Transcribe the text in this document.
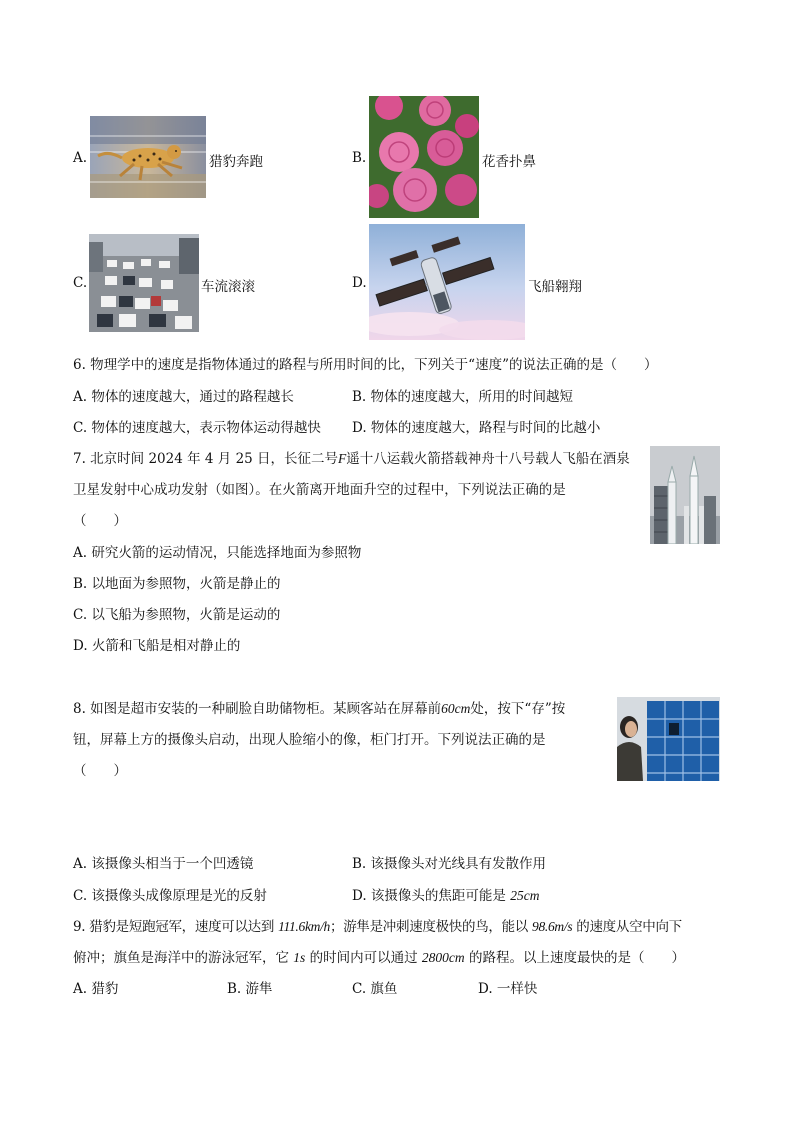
A.	猎豹奔跑	B.	花香扑鼻
C.	车流滚滚	D.	飞船翱翔
6. 物理学中的速度是指物体通过的路程与所用时间的比，下列关于“速度”的说法正确的是（　　）
A. 物体的速度越大，通过的路程越长	B. 物体的速度越大，所用的时间越短
C. 物体的速度越大，表示物体运动得越快 D. 物体的速度越大，路程与时间的比越小
7. 北京时间 2024 年 4 月 25 日，长征二号F遥十八运载火箭搭载神舟十八号载人飞船在酒泉
卫星发射中心成功发射（如图）。在火箭离开地面升空的过程中，下列说法正确的是
（　　）
A. 研究火箭的运动情况，只能选择地面为参照物
B. 以地面为参照物，火箭是静止的
C. 以飞船为参照物，火箭是运动的
D. 火箭和飞船是相对静止的
8. 如图是超市安装的一种刷脸自助储物柜。某顾客站在屏幕前60cm处，按下“存”按
钮，屏幕上方的摄像头启动，出现人脸缩小的像，柜门打开。下列说法正确的是
（　　）
A. 该摄像头相当于一个凹透镜	B. 该摄像头对光线具有发散作用
C. 该摄像头成像原理是光的反射	D. 该摄像头的焦距可能是 25cm
9. 猎豹是短跑冠军，速度可以达到 111.6km/h；游隼是冲刺速度极快的鸟，能以 98.6m/s 的速度从空中向下
俯冲；旗鱼是海洋中的游泳冠军，它 1s 的时间内可以通过 2800cm 的路程。以上速度最快的是（　　）
A. 猎豹	B. 游隼	C. 旗鱼	D. 一样快
